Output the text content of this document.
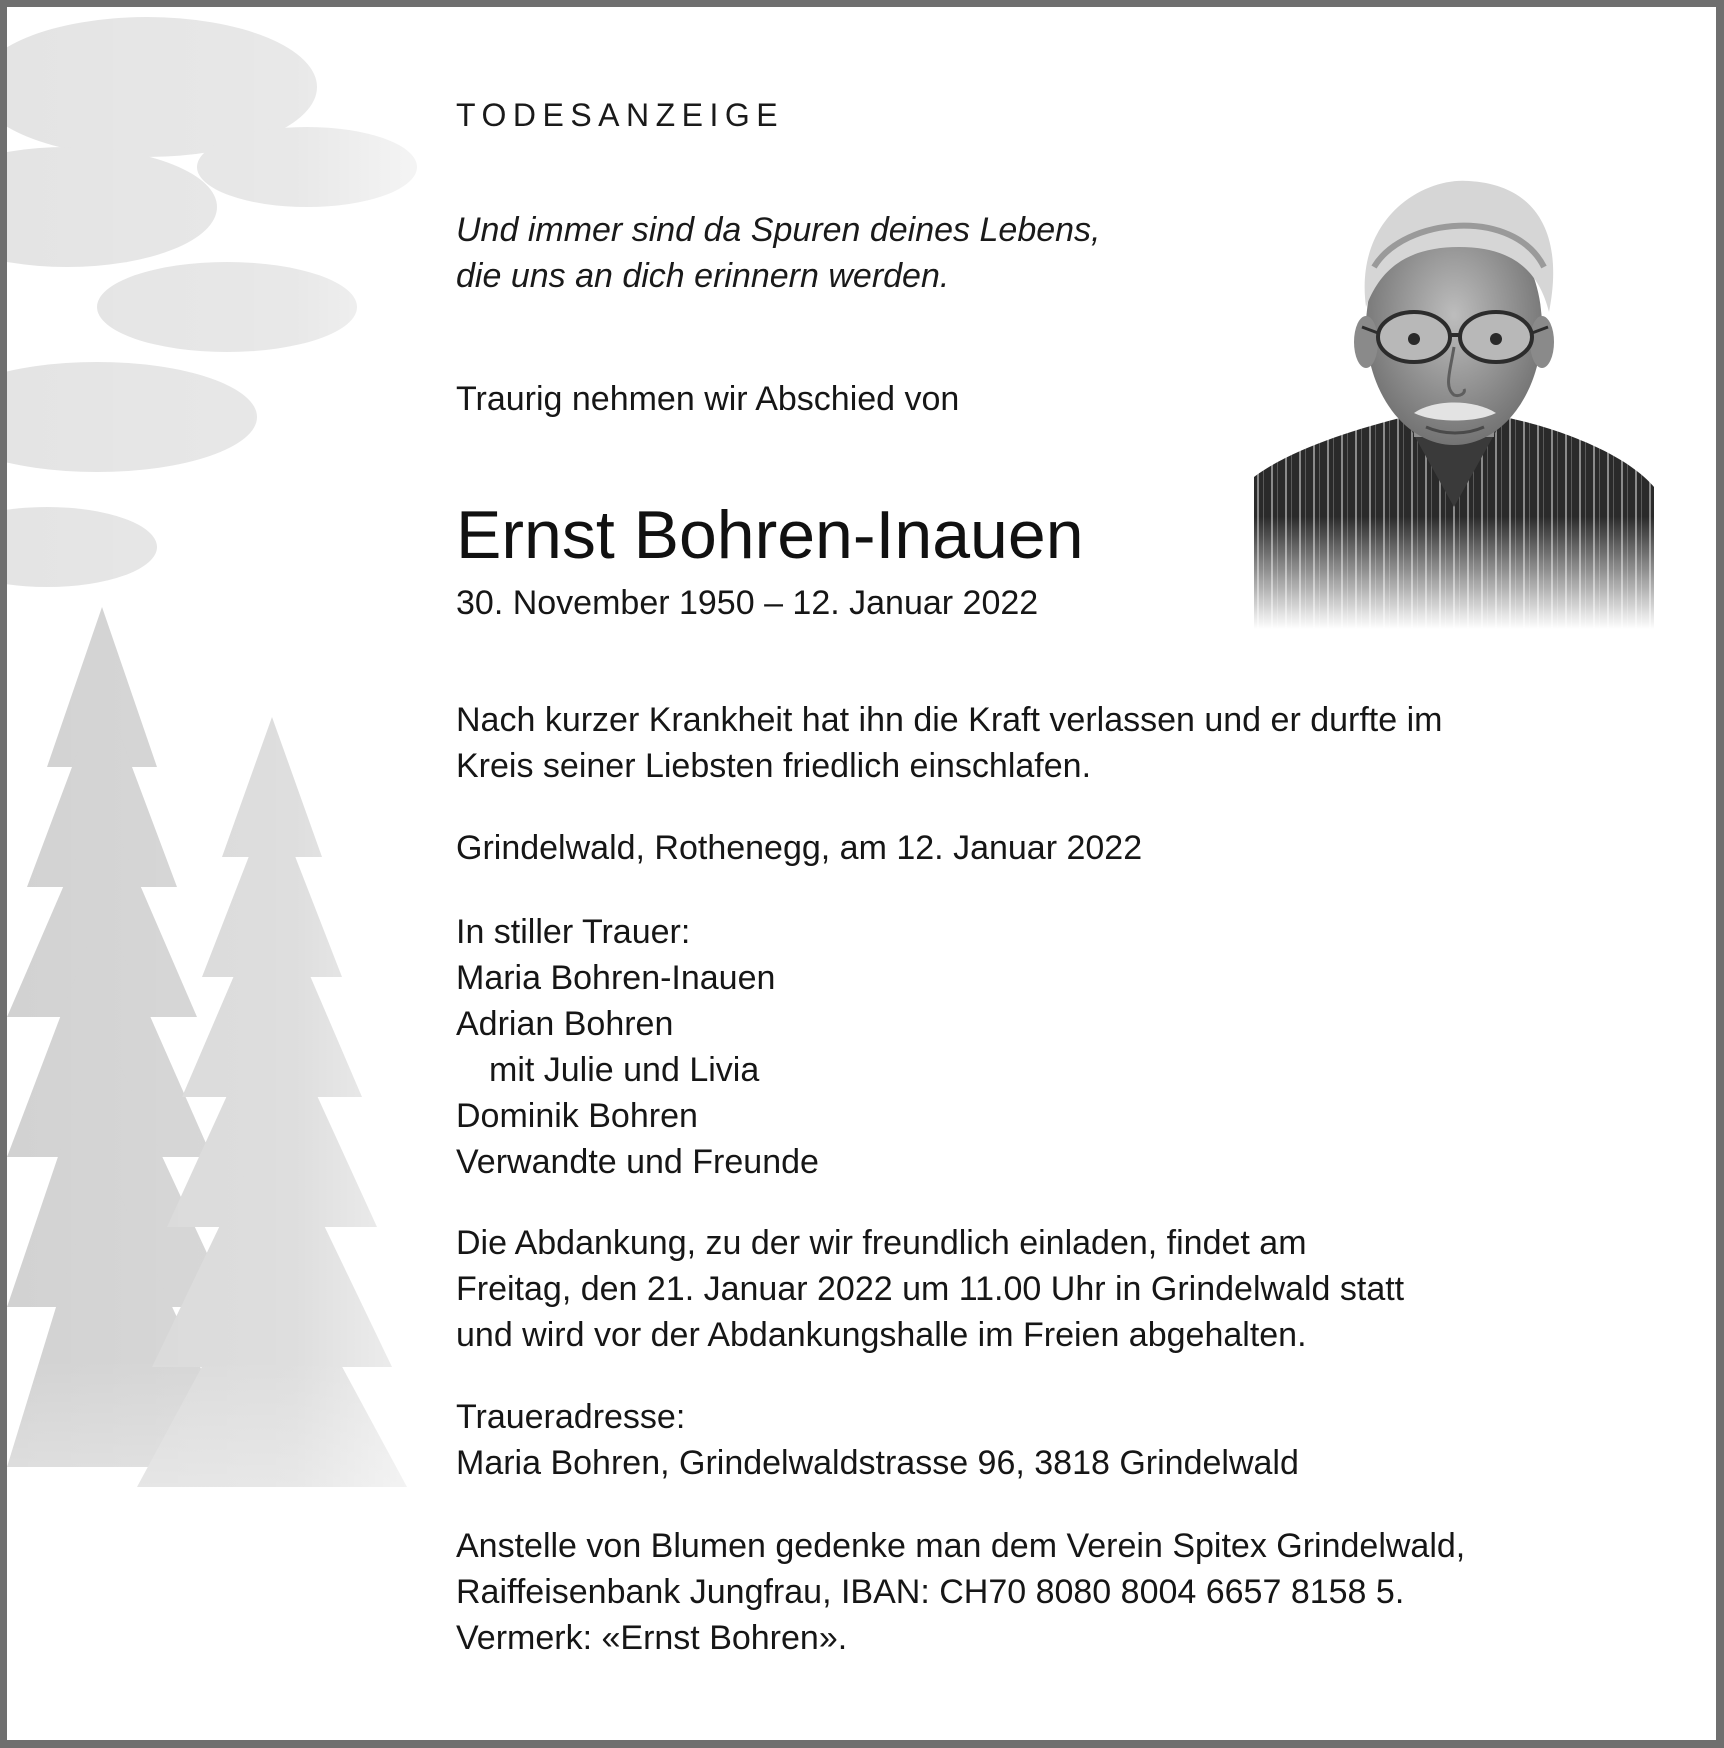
TODESANZEIGE
Und immer sind da Spuren deines Lebens,
die uns an dich erinnern werden.

Traurig nehmen wir Abschied von

Ernst Bohren-Inauen

30. November 1950 – 12. Januar 2022

Nach kurzer Krankheit hat ihn die Kraft verlassen und er durfte im
Kreis seiner Liebsten friedlich einschlafen.

Grindelwald, Rothenegg, am 12. Januar 2022

In stiller Trauer:
Maria Bohren-Inauen
Adrian Bohren
mit Julie und Livia
Dominik Bohren
Verwandte und Freunde
Die Abdankung, zu der wir freundlich einladen, findet am
Freitag, den 21. Januar 2022 um 11.00 Uhr in Grindelwald statt
und wird vor der Abdankungshalle im Freien abgehalten.
Traueradresse:
Maria Bohren, Grindelwaldstrasse 96, 3818 Grindelwald
Anstelle von Blumen gedenke man dem Verein Spitex Grindelwald,
Raiffeisenbank Jungfrau, IBAN: CH70 8080 8004 6657 8158 5.
Vermerk: «Ernst Bohren».
